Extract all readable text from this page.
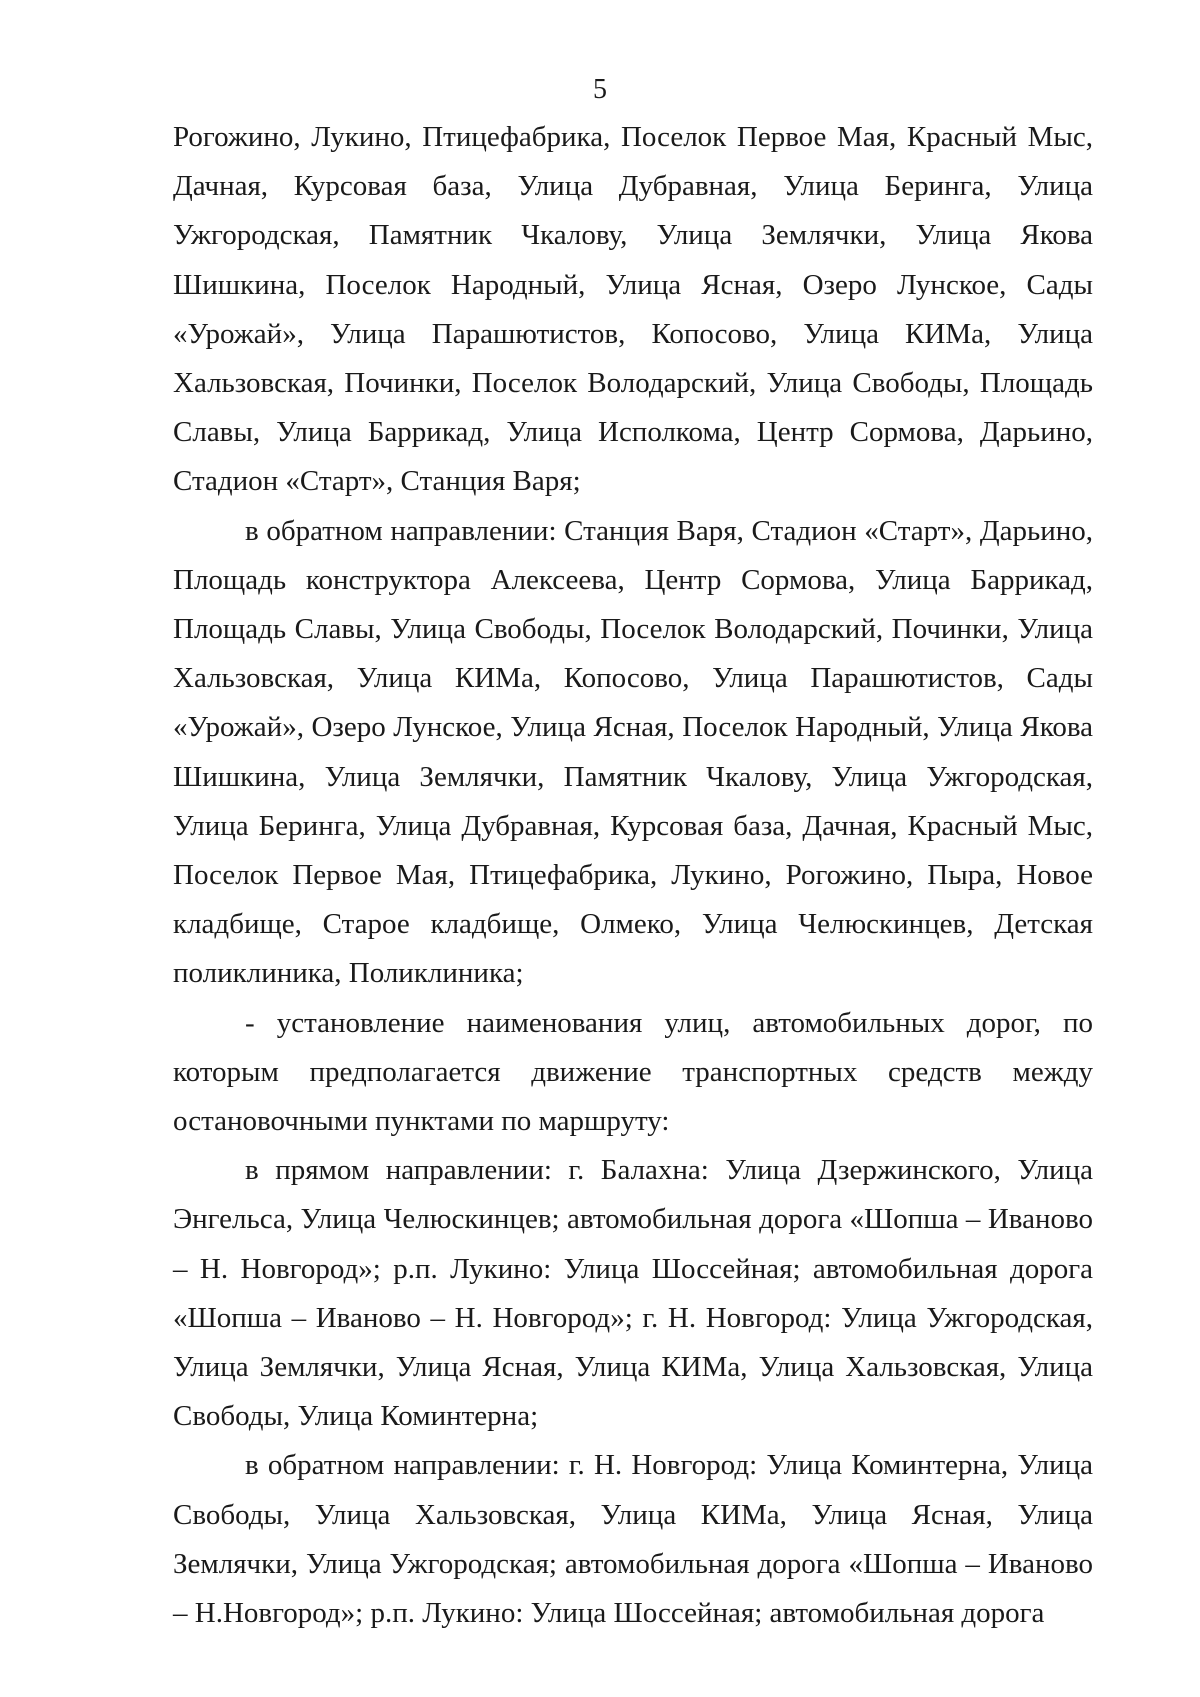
5

Рогожино, Лукино, Птицефабрика, Поселок Первое Мая, Красный Мыс, Дачная, Курсовая база, Улица Дубравная, Улица Беринга, Улица Ужгородская, Памятник Чкалову, Улица Землячки, Улица Якова Шишкина, Поселок Народный, Улица Ясная, Озеро Лунское, Сады «Урожай», Улица Парашютистов, Копосово, Улица КИМа, Улица Хальзовская, Починки, Поселок Володарский, Улица Свободы, Площадь Славы, Улица Баррикад, Улица Исполкома, Центр Сормова, Дарьино, Стадион «Старт», Станция Варя;

в обратном направлении: Станция Варя, Стадион «Старт», Дарьино, Площадь конструктора Алексеева, Центр Сормова, Улица Баррикад, Площадь Славы, Улица Свободы, Поселок Володарский, Починки, Улица Хальзовская, Улица КИМа, Копосово, Улица Парашютистов, Сады «Урожай», Озеро Лунское, Улица Ясная, Поселок Народный, Улица Якова Шишкина, Улица Землячки, Памятник Чкалову, Улица Ужгородская, Улица Беринга, Улица Дубравная, Курсовая база, Дачная, Красный Мыс, Поселок Первое Мая, Птицефабрика, Лукино, Рогожино, Пыра, Новое кладбище, Старое кладбище, Олмеко, Улица Челюскинцев, Детская поликлиника, Поликлиника;

- установление наименования улиц, автомобильных дорог, по которым предполагается движение транспортных средств между остановочными пунктами по маршруту:

в прямом направлении: г. Балахна: Улица Дзержинского, Улица Энгельса, Улица Челюскинцев; автомобильная дорога «Шопша – Иваново – Н. Новгород»; р.п. Лукино: Улица Шоссейная; автомобильная дорога «Шопша – Иваново – Н. Новгород»; г. Н. Новгород: Улица Ужгородская, Улица Землячки, Улица Ясная, Улица КИМа, Улица Хальзовская, Улица Свободы, Улица Коминтерна;

в обратном направлении: г. Н. Новгород: Улица Коминтерна, Улица Свободы, Улица Хальзовская, Улица КИМа, Улица Ясная, Улица Землячки, Улица Ужгородская; автомобильная дорога «Шопша – Иваново – Н.Новгород»; р.п. Лукино: Улица Шоссейная; автомобильная дорога
